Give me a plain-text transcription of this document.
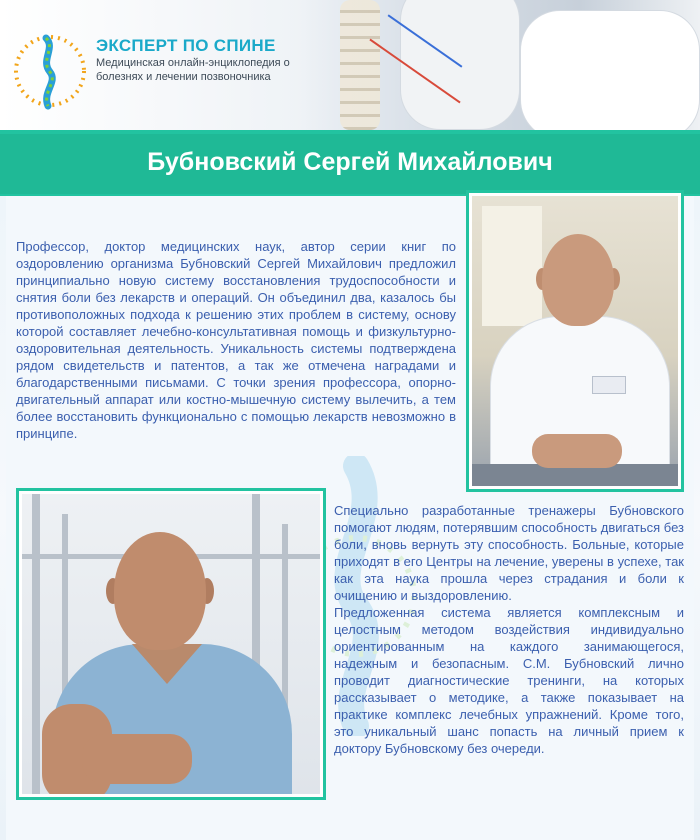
ЭКСПЕРТ ПО СПИНЕ
Медицинская онлайн-энциклопедия о болезнях и лечении позвоночника
Бубновский Сергей Михайлович
Профессор, доктор медицинских наук, автор серии книг по оздоровлению организма Бубновский Сергей Михайлович предложил принципиально новую систему восстановления трудоспособности и снятия боли без лекарств и операций. Он объединил два, казалось бы противоположных подхода к решению этих проблем в систему, основу которой составляет лечебно-консультативная помощь и физкультурно-оздоровительная деятельность. Уникальность системы подтверждена рядом свидетельств и патентов, а так же отмечена наградами и благодарственными письмами. С точки зрения профессора, опорно-двигательный аппарат или костно-мышечную систему вылечить, а тем более восстановить функционально с помощью лекарств невозможно в принципе.
Специально разработанные тренажеры Бубновского помогают людям, потерявшим способность двигаться без боли, вновь вернуть эту способность. Больные, которые приходят в его Центры на лечение, уверены в успехе, так как эта наука прошла через страдания и боли к очищению и выздоровлению.
Предложенная система является комплексным и целостным методом воздействия индивидуально ориентированным на каждого занимающегося, надежным и безопасным. С.М. Бубновский лично проводит диагностические тренинги, на которых рассказывает о методике, а также показывает на практике комплекс лечебных упражнений. Кроме того, это уникальный шанс попасть на личный прием к доктору Бубновскому без очереди.
